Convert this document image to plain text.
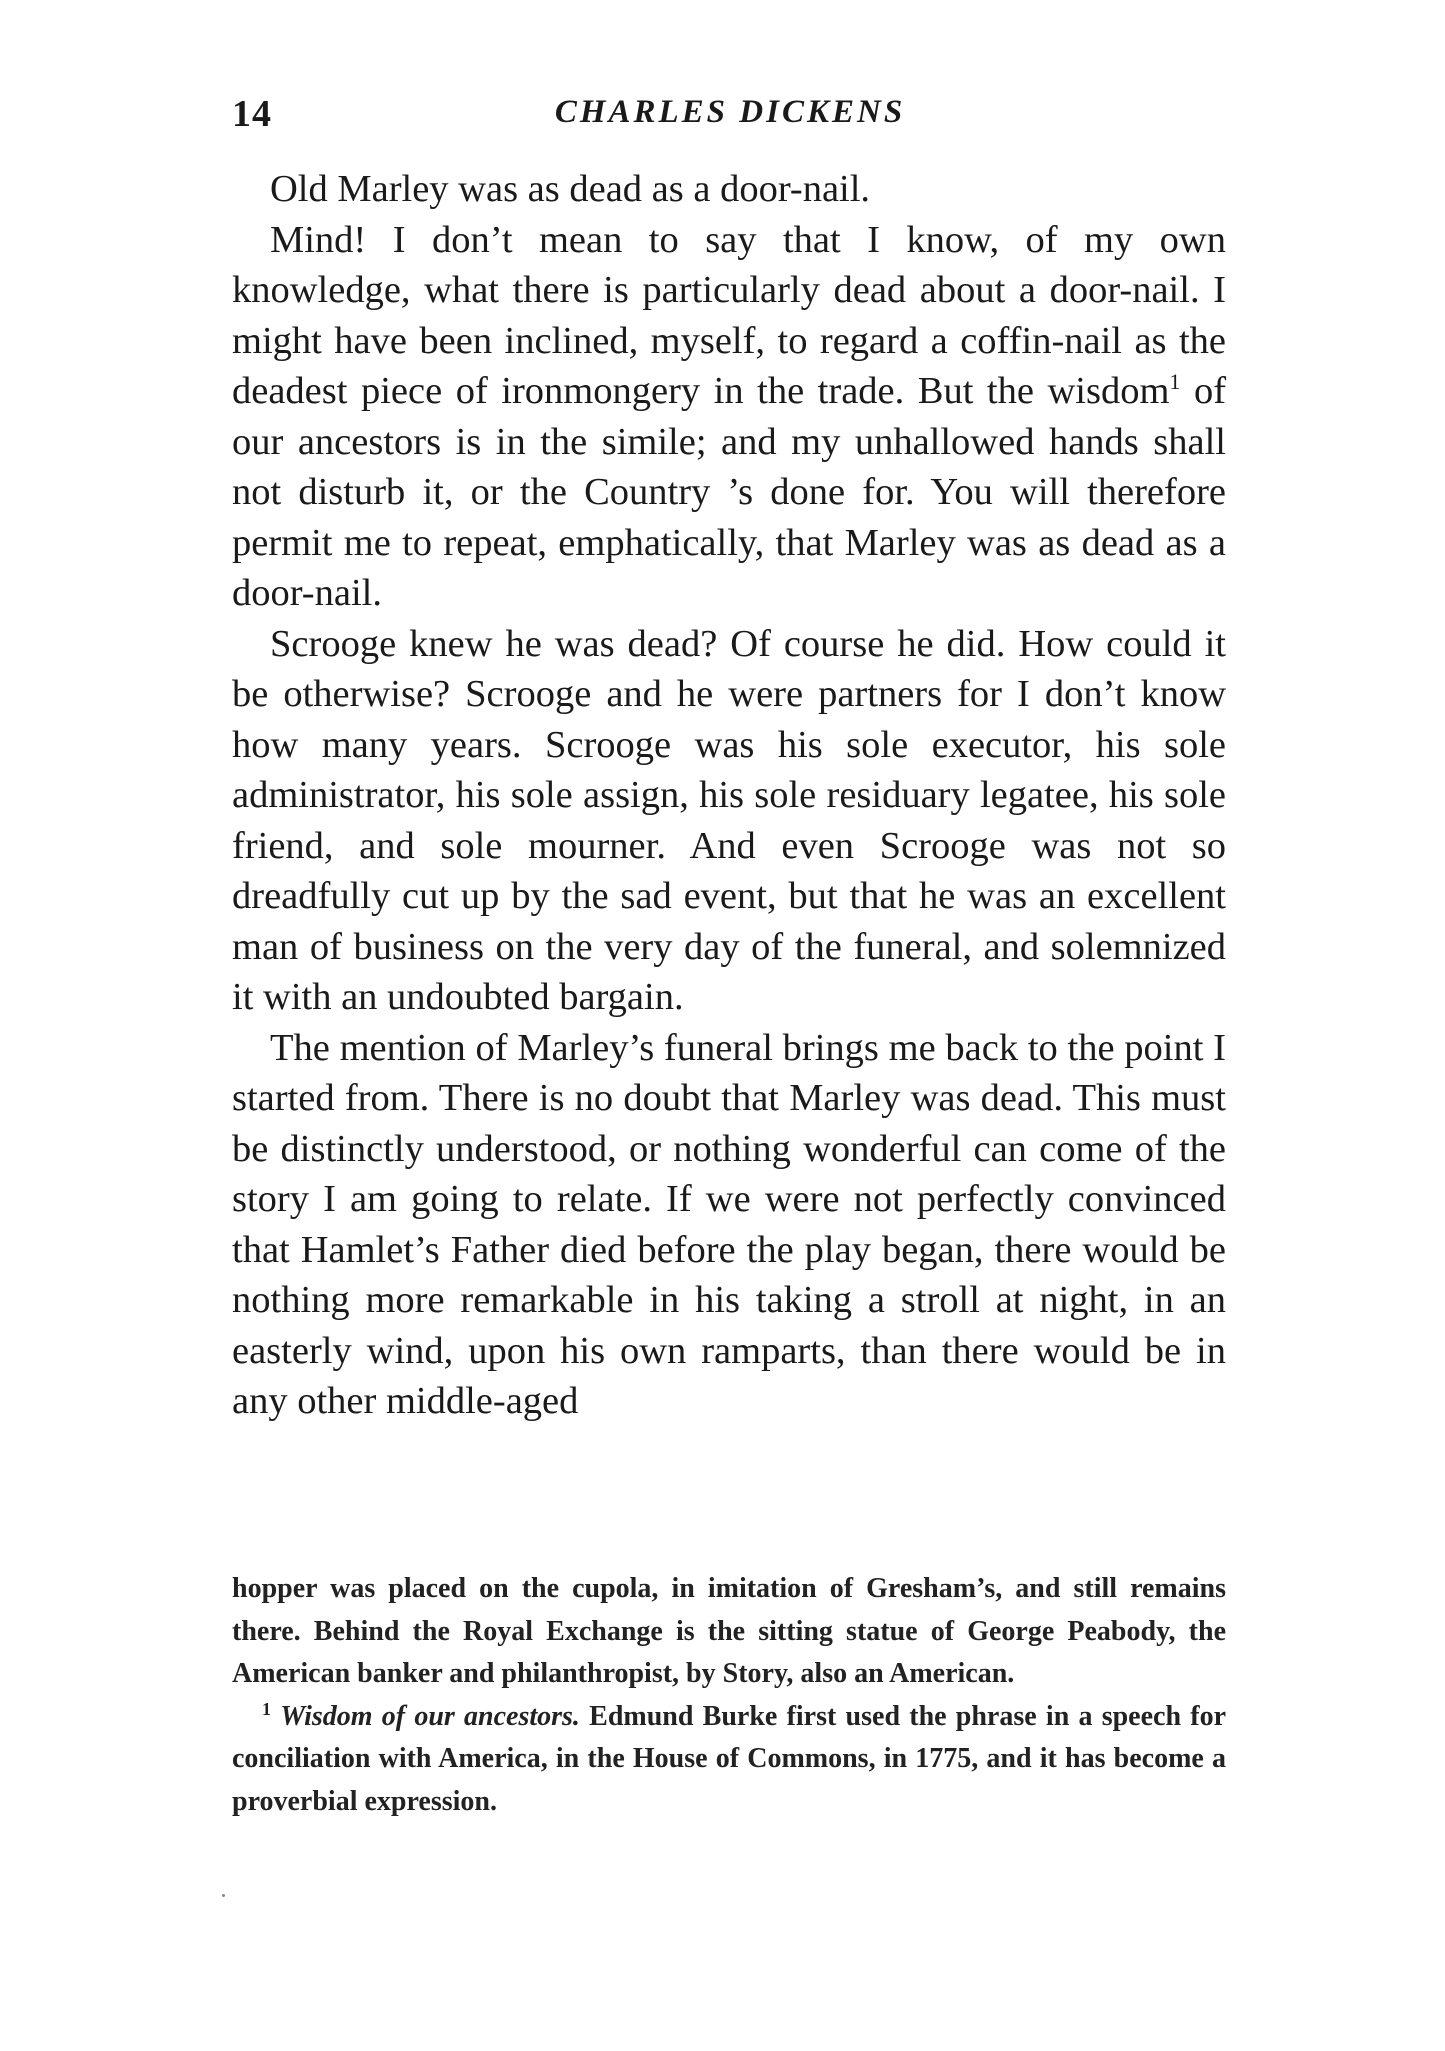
14	CHARLES DICKENS

Old Marley was as dead as a door-nail.

Mind! I don’t mean to say that I know, of my own knowledge, what there is particularly dead about a door-nail. I might have been inclined, myself, to regard a coffin-nail as the deadest piece of ironmongery in the trade. But the wisdom$^1$ of our ancestors is in the simile; and my unhallowed hands shall not disturb it, or the Country ’s done for. You will therefore permit me to repeat, emphatically, that Marley was as dead as a door-nail.

Scrooge knew he was dead? Of course he did. How could it be otherwise? Scrooge and he were partners for I don’t know how many years. Scrooge was his sole executor, his sole administrator, his sole assign, his sole residuary legatee, his sole friend, and sole mourner. And even Scrooge was not so dreadfully cut up by the sad event, but that he was an excellent man of business on the very day of the funeral, and solemnized it with an undoubted bargain.

The mention of Marley’s funeral brings me back to the point I started from. There is no doubt that Marley was dead. This must be distinctly understood, or nothing wonderful can come of the story I am going to relate. If we were not perfectly convinced that Hamlet’s Father died before the play began, there would be nothing more remarkable in his taking a stroll at night, in an easterly wind, upon his own ramparts, than there would be in any other middle-aged

hopper was placed on the cupola, in imitation of Gresham’s, and still remains there. Behind the Royal Exchange is the sitting statue of George Peabody, the American banker and philanthropist, by Story, also an American.

$^1$ Wisdom of our ancestors. Edmund Burke first used the phrase in a speech for conciliation with America, in the House of Commons, in 1775, and it has become a proverbial expression.
